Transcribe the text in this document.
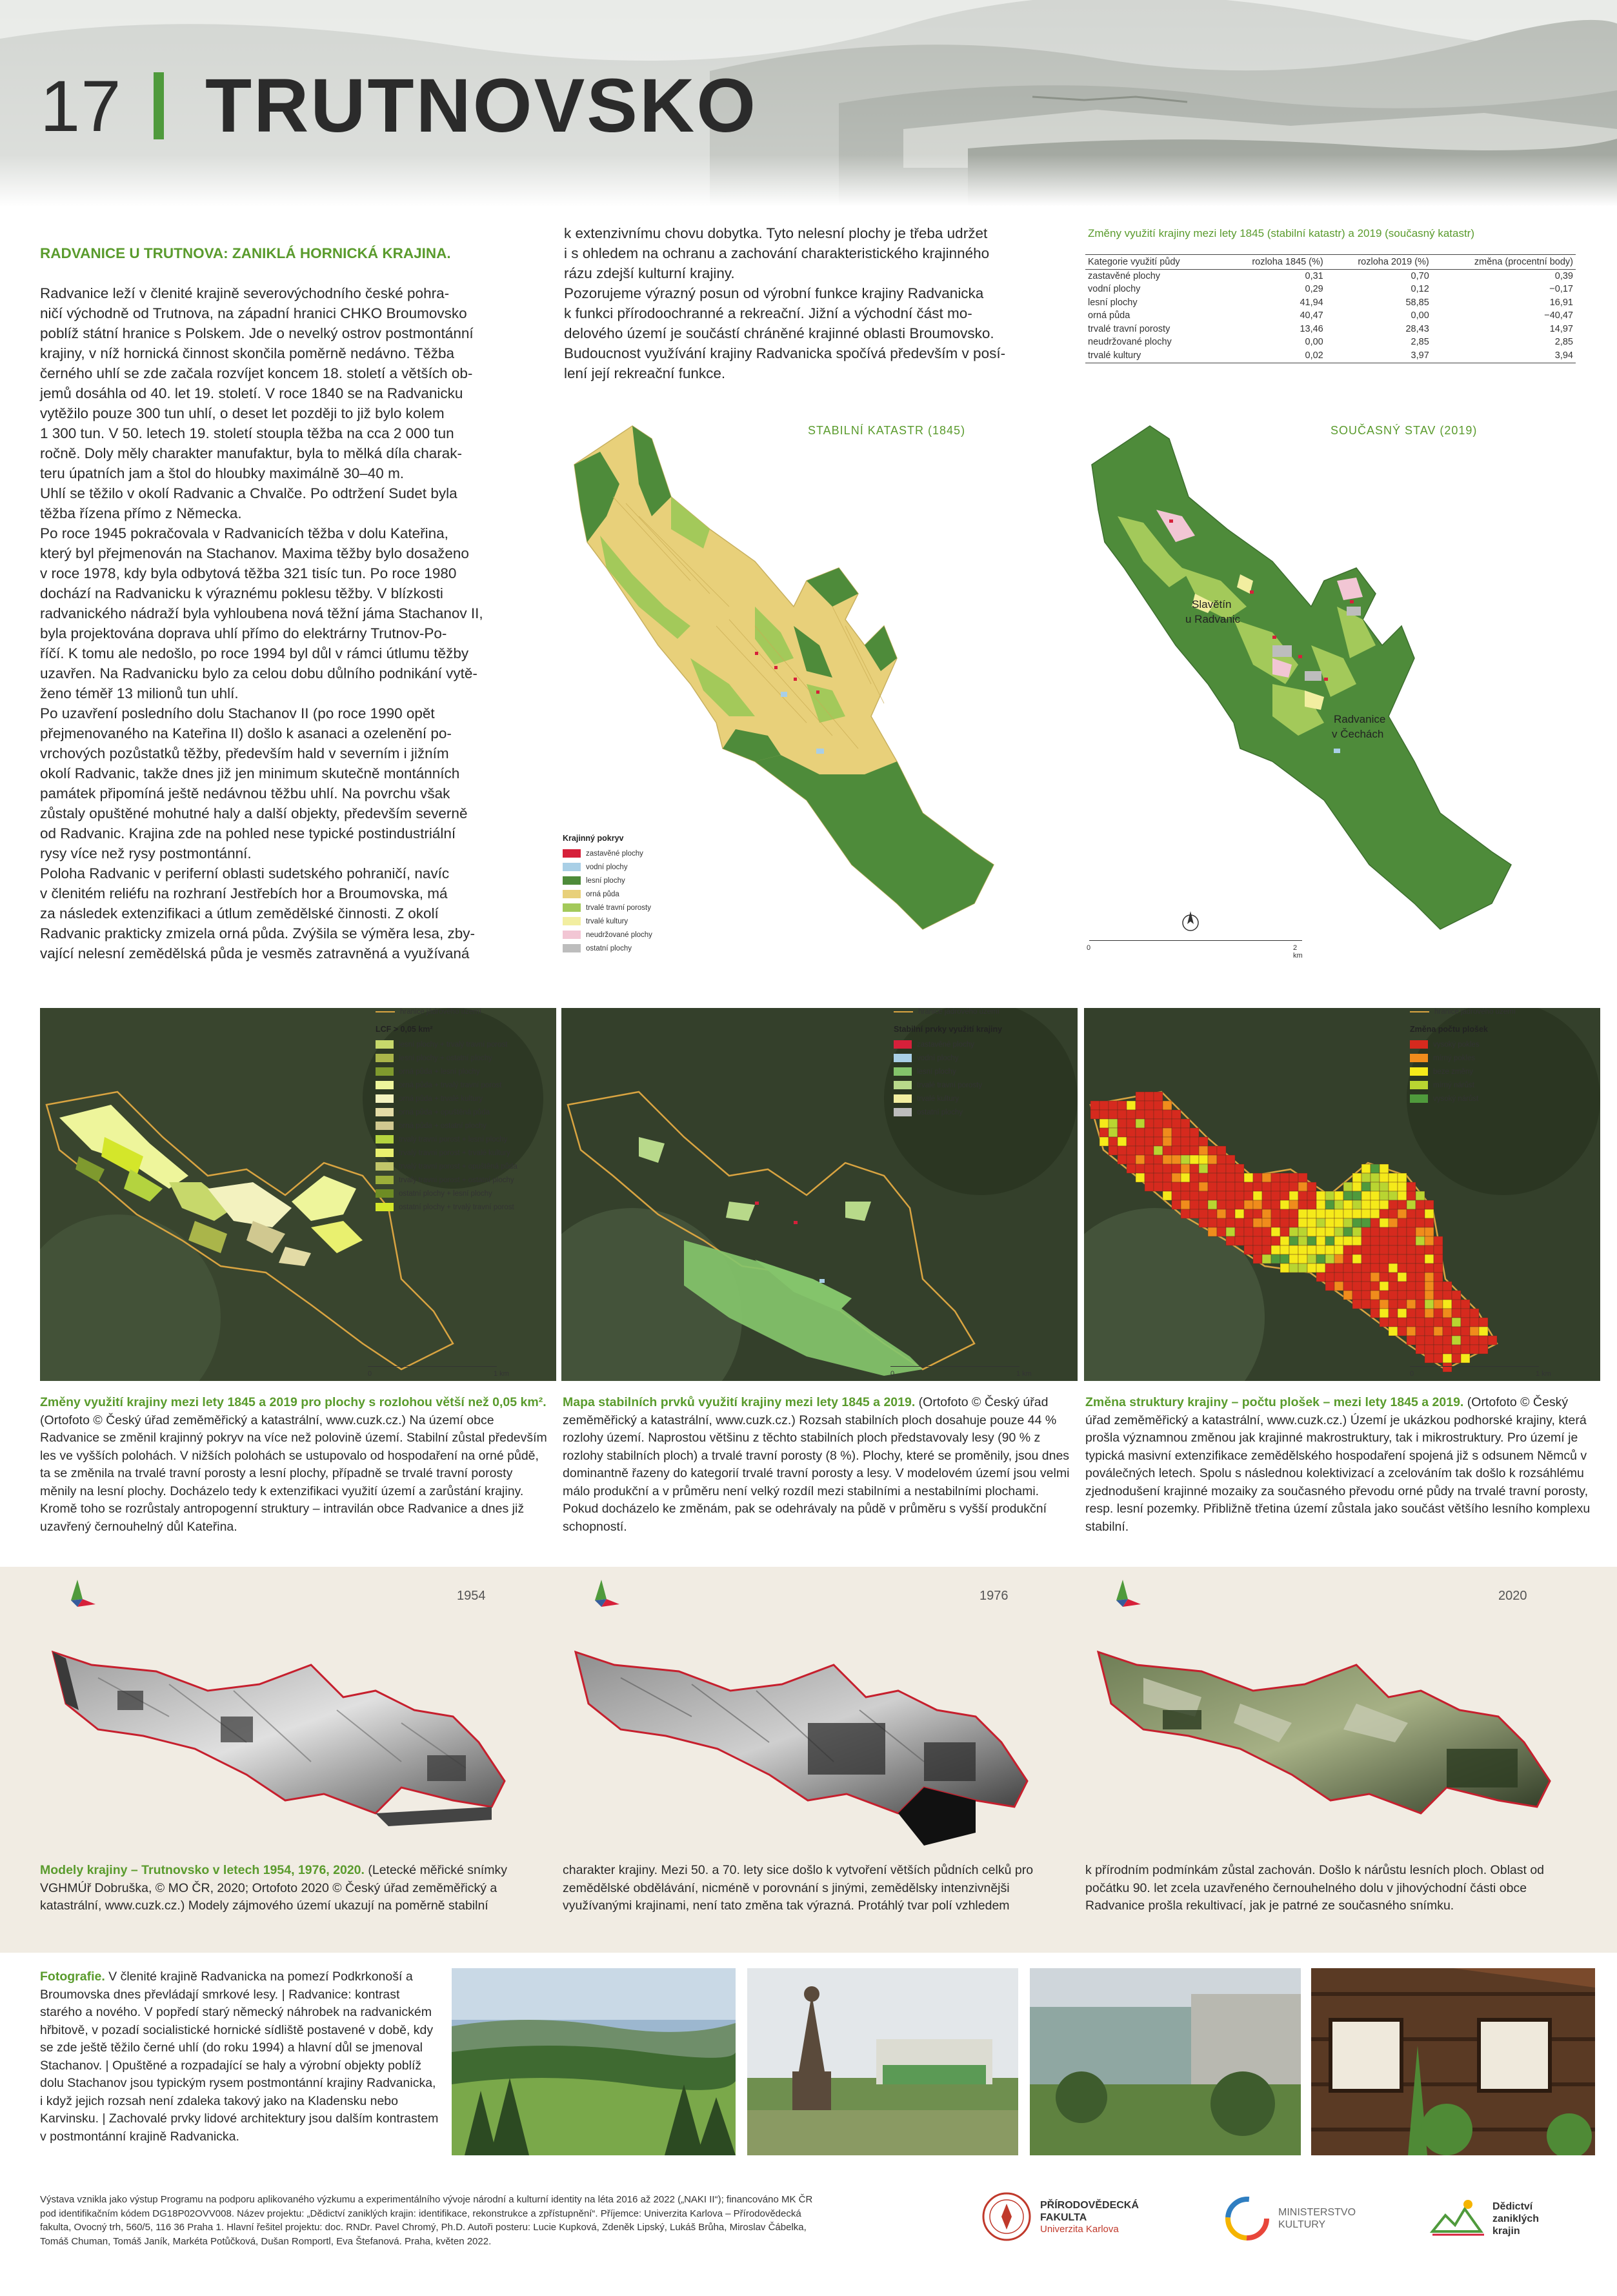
17 TRUTNOVSKO

RADVANICE U TRUTNOVA: ZANIKLÁ HORNICKÁ KRAJINA.

Radvanice leží v členité krajině severovýchodního české pohra-
ničí východně od Trutnova, na západní hranici CHKO Broumovsko
poblíž státní hranice s Polskem. Jde o nevelký ostrov postmontánní
krajiny, v níž hornická činnost skončila poměrně nedávno. Těžba
černého uhlí se zde začala rozvíjet koncem 18. století a větších ob-
jemů dosáhla od 40. let 19. století. V roce 1840 se na Radvanicku
vytěžilo pouze 300 tun uhlí, o deset let později to již bylo kolem
1 300 tun. V 50. letech 19. století stoupla těžba na cca 2 000 tun
ročně. Doly měly charakter manufaktur, byla to mělká díla charak-
teru úpatních jam a štol do hloubky maximálně 30–40 m.
Uhlí se těžilo v okolí Radvanic a Chvalče. Po odtržení Sudet byla
těžba řízena přímo z Německa.
Po roce 1945 pokračovala v Radvanicích těžba v dolu Kateřina,
který byl přejmenován na Stachanov. Maxima těžby bylo dosaženo
v roce 1978, kdy byla odbytová těžba 321 tisíc tun. Po roce 1980
dochází na Radvanicku k výraznému poklesu těžby. V blízkosti
radvanického nádraží byla vyhloubena nová těžní jáma Stachanov II,
byla projektována doprava uhlí přímo do elektrárny Trutnov-Po-
říčí. K tomu ale nedošlo, po roce 1994 byl důl v rámci útlumu těžby
uzavřen. Na Radvanicku bylo za celou dobu důlního podnikání vytě-
ženo téměř 13 milionů tun uhlí.
Po uzavření posledního dolu Stachanov II (po roce 1990 opět
přejmenovaného na Kateřina II) došlo k asanaci a ozelenění po-
vrchových pozůstatků těžby, především hald v severním i jižním
okolí Radvanic, takže dnes již jen minimum skutečně montánních
památek připomíná ještě nedávnou těžbu uhlí. Na povrchu však
zůstaly opuštěné mohutné haly a další objekty, především severně
od Radvanic. Krajina zde na pohled nese typické postindustriální
rysy více než rysy postmontánní.
Poloha Radvanic v periferní oblasti sudetského pohraničí, navíc
v členitém reliéfu na rozhraní Jestřebích hor a Broumovska, má
za následek extenzifikaci a útlum zemědělské činnosti. Z okolí
Radvanic prakticky zmizela orná půda. Zvýšila se výměra lesa, zby-
vající nelesní zemědělská půda je vesměs zatravněná a využívaná

k extenzivnímu chovu dobytka. Tyto nelesní plochy je třeba udržet
i s ohledem na ochranu a zachování charakteristického krajinného
rázu zdejší kulturní krajiny.
Pozorujeme výrazný posun od výrobní funkce krajiny Radvanicka
k funkci přírodoochranné a rekreační. Jižní a východní část mo-
delového území je součástí chráněné krajinné oblasti Broumovsko.
Budoucnost využívání krajiny Radvanicka spočívá především v posí-
lení její rekreační funkce.
Změny využití krajiny mezi lety 1845 (stabilní katastr) a 2019 (současný katastr)
Kategorie využití půdy	rozloha 1845 (%)	rozloha 2019 (%)	změna (procentní body)
zastavěné plochy	0,31	0,70	0,39
vodní plochy	0,29	0,12	−0,17
lesní plochy	41,94	58,85	16,91
orná půda	40,47	0,00	−40,47
trvalé travní porosty	13,46	28,43	14,97
neudržované plochy	0,00	2,85	2,85
trvalé kultury	0,02	3,97	3,94
STABILNÍ KATASTR (1845)	SOUČASNÝ STAV (2019)
Slavětín
u Radvanic
Radvanice
v Čechách
Krajinný pokryv
zastavěné plochy
vodní plochy
lesní plochy
orná půda
trvalé travní porosty
trvalé kultury
neudržované plochy
ostatní plochy	0	2 km
hranice jádrového území
LCF > 0,05 km²
lesní plochy + trvalý travní porost
lesní plochy + ostatní plochy
orná půda + lesní plochy
orná půda + trvalý travní porost
orná půda + trvalé kultury
orná půda + opuštěná půda
orná půda + ostatní plochy
trvalý travní porost + lesní plochy
trvalý travní porost + trvalé kultury
trvalý travní porost + opuštěná půda
trvalý travní porost + ostatní plochy
ostatní plochy + lesní plochy
ostatní plochy + trvalý travní porost
hranice jádrového území
Stabilní prvky využití krajiny
zastavěné plochy
vodní plochy
lesní plochy
trvalé travní porosty
trvalé kultury
ostatní plochy
hranice jádrového území
Změna počtu plošek
vysoký pokles
mírný pokles
beze změny
mírný nárůst
vysoký nárůst
0	1 km	0	1 km	0	1 km
Změny využití krajiny mezi lety 1845 a 2019 pro plochy s rozlohou větší než 0,05 km². (Ortofoto © Český úřad zeměměřický a katastrální, www.cuzk.cz.) Na území obce Radvanice se změnil krajinný pokryv na více než polovině území. Stabilní zůstal především les ve vyšších polohách. V nižších polohách se ustupovalo od hospodaření na orné půdě, ta se změnila na trvalé travní porosty a lesní plochy, případně se trvalé travní porosty měnily na lesní plochy. Docházelo tedy k extenzifikaci využití území a zarůstání krajiny. Kromě toho se rozrůstaly antropogenní struktury – intravilán obce Radvanice a dnes již uzavřený černouhelný důl Kateřina.
Mapa stabilních prvků využití krajiny mezi lety 1845 a 2019. (Ortofoto © Český úřad zeměměřický a katastrální, www.cuzk.cz.) Rozsah stabilních ploch dosahuje pouze 44 % rozlohy území. Naprostou většinu z těchto stabilních ploch představovaly lesy (90 % z rozlohy stabilních ploch) a trvalé travní porosty (8 %). Plochy, které se proměnily, jsou dnes dominantně řazeny do kategorií trvalé travní porosty a lesy. V modelovém území jsou velmi málo produkční a v průměru není velký rozdíl mezi stabilními a nestabilními plochami. Pokud docházelo ke změnám, pak se odehrávaly na půdě v průměru s vyšší produkční schopností.
Změna struktury krajiny – počtu plošek – mezi lety 1845 a 2019. (Ortofoto © Český úřad zeměměřický a katastrální, www.cuzk.cz.) Území je ukázkou podhorské krajiny, která prošla významnou změnou jak krajinné makrostruktury, tak i mikrostruktury. Pro území je typická masivní extenzifikace zemědělského hospodaření spojená již s odsunem Němců v poválečných letech. Spolu s následnou kolektivizací a zcelováním tak došlo k rozsáhlému zjednodušení krajinné mozaiky za současného převodu orné půdy na trvalé travní porosty, resp. lesní pozemky. Přibližně třetina území zůstala jako součást většího lesního komplexu stabilní.
1954	1976	2020
Modely krajiny – Trutnovsko v letech 1954, 1976, 2020. (Letecké měřické snímky VGHMÚř Dobruška, © MO ČR, 2020; Ortofoto 2020 © Český úřad zeměměřický a katastrální, www.cuzk.cz.) Modely zájmového území ukazují na poměrně stabilní
charakter krajiny. Mezi 50. a 70. lety sice došlo k vytvoření větších půdních celků pro zemědělské obdělávání, nicméně v porovnání s jinými, zemědělsky intenzivnějši využívanými krajinami, není tato změna tak výrazná. Protáhlý tvar polí vzhledem
k přírodním podmínkám zůstal zachován. Došlo k nárůstu lesních ploch. Oblast od počátku 90. let zcela uzavřeného černouhelného dolu v jihovýchodní části obce Radvanice prošla rekultivací, jak je patrné ze současného snímku.
Fotografie. V členité krajině Radvanicka na pomezí Podkrkonoší a Broumovska dnes převládají smrkové lesy. | Radvanice: kontrast starého a nového. V popředí starý německý náhrobek na radvanickém hřbitově, v pozadí socialistické hornické sídliště postavené v době, kdy se zde ještě těžilo černé uhlí (do roku 1994) a hlavní důl se jmenoval Stachanov. | Opuštěné a rozpadající se haly a výrobní objekty poblíž dolu Stachanov jsou typickým rysem postmontánní krajiny Radvanicka, i když jejich rozsah není zdaleka takový jako na Kladensku nebo Karvinsku. | Zachovalé prvky lidové architektury jsou dalším kontrastem v postmontánní krajině Radvanicka.
Výstava vznikla jako výstup Programu na podporu aplikovaného výzkumu a experimentálního vývoje národní a kulturní identity na léta 2016 až 2022 („NAKI II“); financováno MK ČR
pod identifikačním kódem DG18P02OVV008. Název projektu: „Dědictví zaniklých krajin: identifikace, rekonstrukce a zpřístupnění“. Příjemce: Univerzita Karlova – Přírodovědecká
fakulta, Ovocný trh, 560/5, 116 36 Praha 1. Hlavní řešitel projektu: doc. RNDr. Pavel Chromý, Ph.D. Autoři posteru: Lucie Kupková, Zdeněk Lipský, Lukáš Brůha, Miroslav Čábelka,
Tomáš Chuman, Tomáš Janík, Markéta Potůčková, Dušan Romportl, Eva Štefanová. Praha, květen 2022.
PŘÍRODOVĚDECKÁ
FAKULTA
Univerzita Karlova
MINISTERSTVO
KULTURY
Dědictví
zaniklých
krajin
